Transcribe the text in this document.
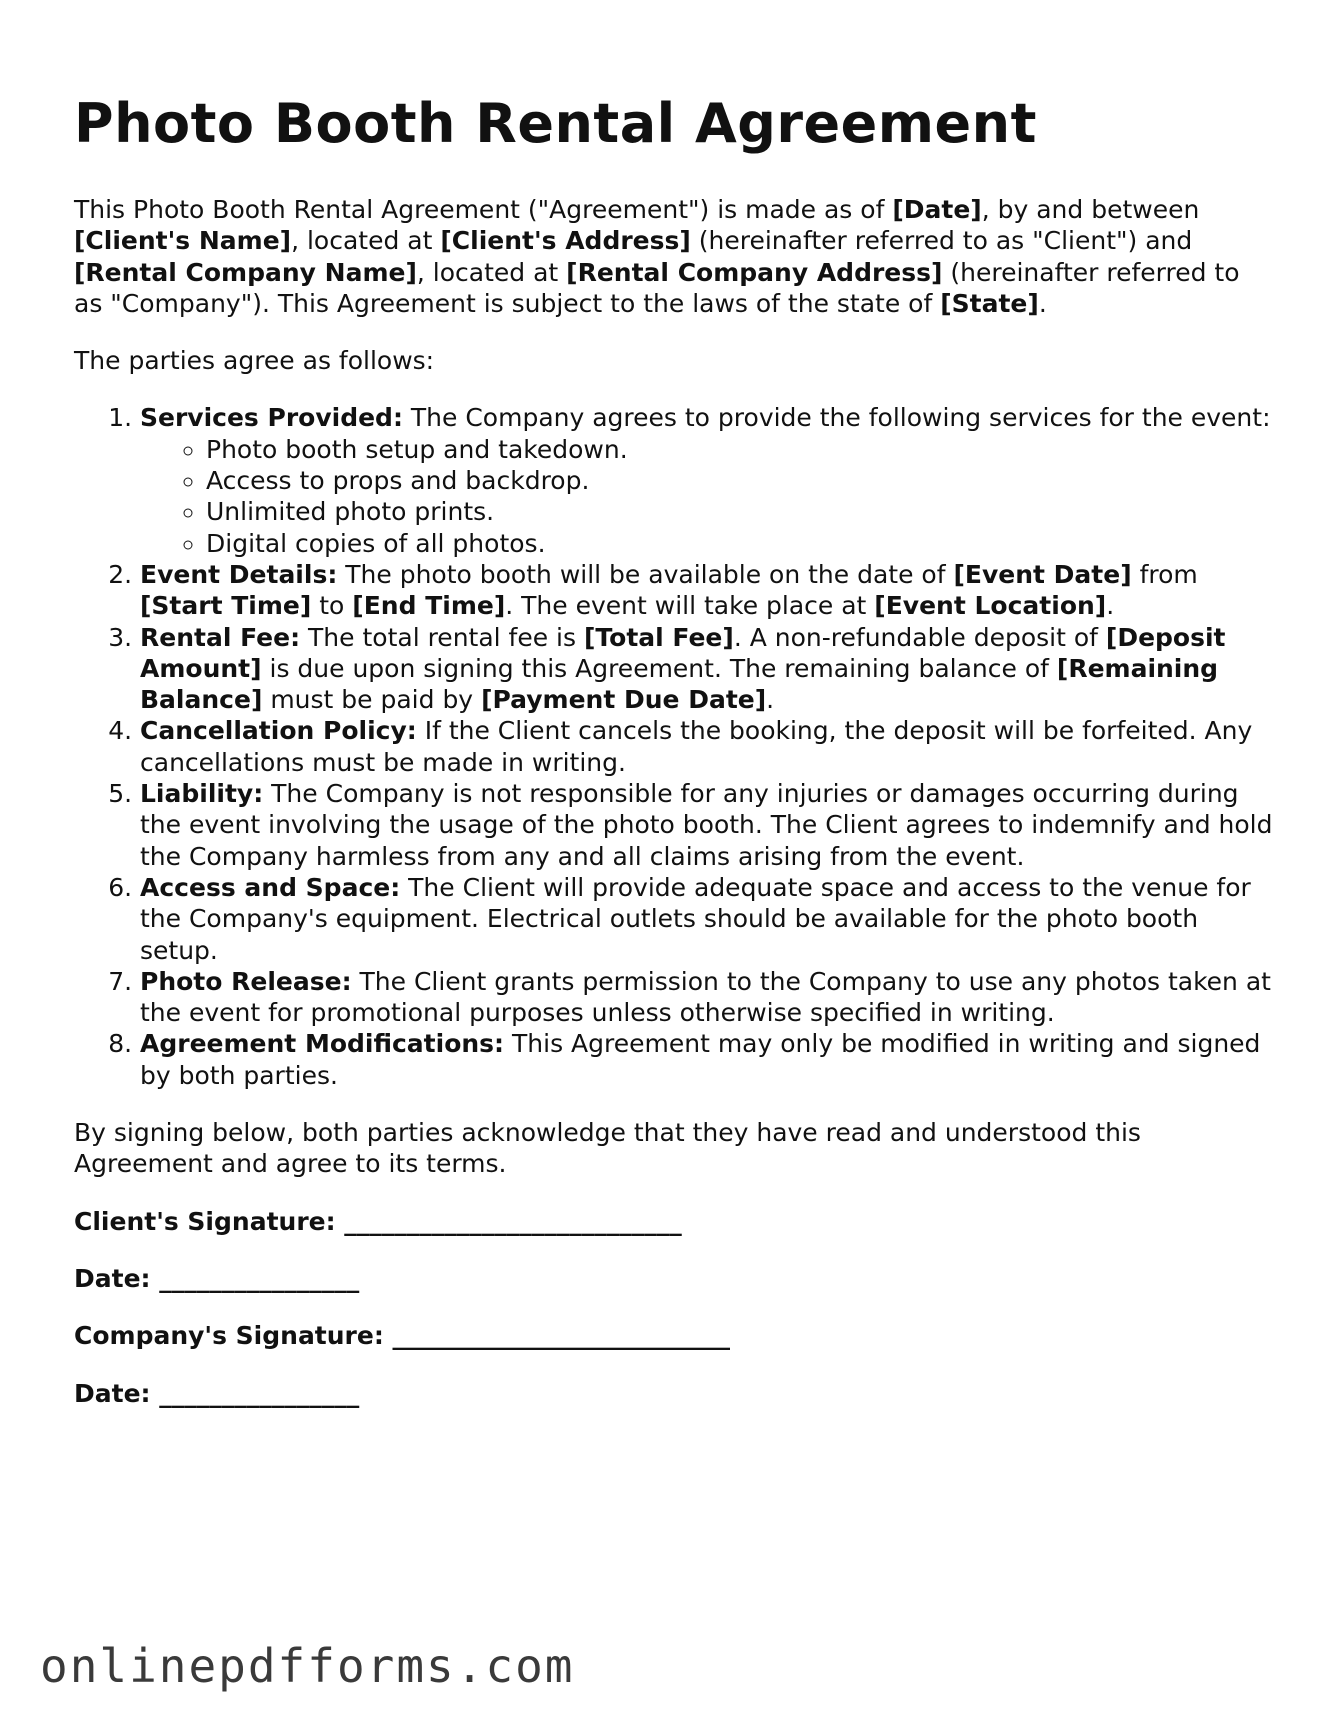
Photo Booth Rental Agreement

This Photo Booth Rental Agreement ("Agreement") is made as of [Date], by and between [Client's Name], located at [Client's Address] (hereinafter referred to as "Client") and [Rental Company Name], located at [Rental Company Address] (hereinafter referred to as "Company"). This Agreement is subject to the laws of the state of [State].

The parties agree as follows:

1. Services Provided: The Company agrees to provide the following services for the event:
◦ Photo booth setup and takedown.
◦ Access to props and backdrop.
◦ Unlimited photo prints.
◦ Digital copies of all photos.
2. Event Details: The photo booth will be available on the date of [Event Date] from [Start Time] to [End Time]. The event will take place at [Event Location].
3. Rental Fee: The total rental fee is [Total Fee]. A non-refundable deposit of [Deposit Amount] is due upon signing this Agreement. The remaining balance of [Remaining Balance] must be paid by [Payment Due Date].
4. Cancellation Policy: If the Client cancels the booking, the deposit will be forfeited. Any cancellations must be made in writing.
5. Liability: The Company is not responsible for any injuries or damages occurring during the event involving the usage of the photo booth. The Client agrees to indemnify and hold the Company harmless from any and all claims arising from the event.
6. Access and Space: The Client will provide adequate space and access to the venue for the Company's equipment. Electrical outlets should be available for the photo booth setup.
7. Photo Release: The Client grants permission to the Company to use any photos taken at the event for promotional purposes unless otherwise specified in writing.
8. Agreement Modifications: This Agreement may only be modified in writing and signed by both parties.

By signing below, both parties acknowledge that they have read and understood this Agreement and agree to its terms.

Client's Signature: ___________________________
Date: ________________
Company's Signature: ___________________________
Date: ________________
onlinepdfforms.com
